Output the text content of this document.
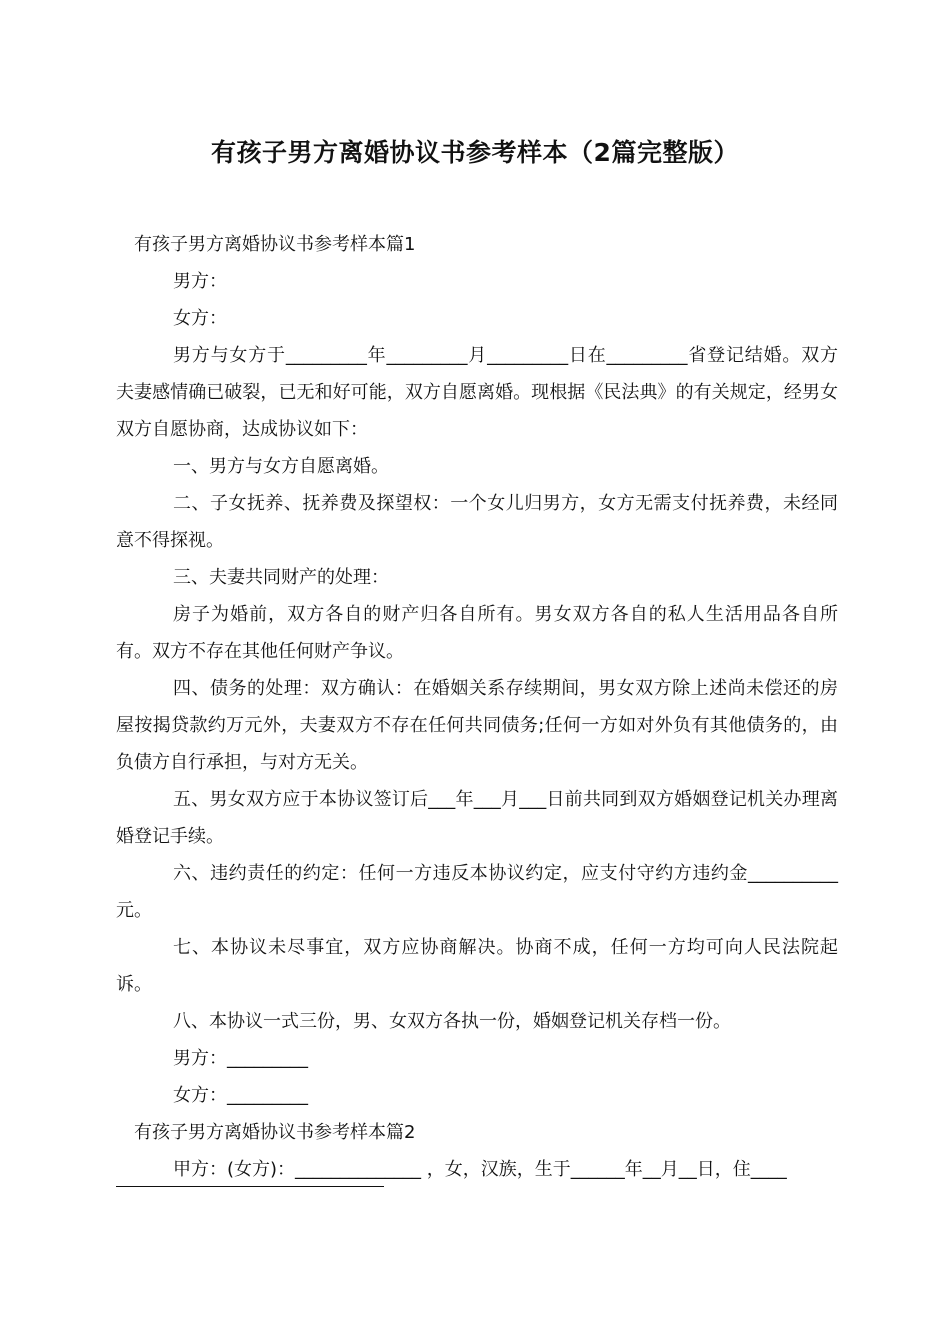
有孩子男方离婚协议书参考样本（2篇完整版）

有孩子男方离婚协议书参考样本篇1

男方：

女方：

男方与女方于_________年_________月_________日在_________省登记结婚。双方夫妻感情确已破裂，已无和好可能，双方自愿离婚。现根据《民法典》的有关规定，经男女双方自愿协商，达成协议如下：

一、男方与女方自愿离婚。

二、子女抚养、抚养费及探望权：一个女儿归男方，女方无需支付抚养费，未经同意不得探视。

三、夫妻共同财产的处理：

房子为婚前，双方各自的财产归各自所有。男女双方各自的私人生活用品各自所有。双方不存在其他任何财产争议。

四、债务的处理：双方确认：在婚姻关系存续期间，男女双方除上述尚未偿还的房屋按揭贷款约万元外，夫妻双方不存在任何共同债务;任何一方如对外负有其他债务的，由负债方自行承担，与对方无关。

五、男女双方应于本协议签订后___年___月___日前共同到双方婚姻登记机关办理离婚登记手续。

六、违约责任的约定：任何一方违反本协议约定，应支付守约方违约金__________元。

七、本协议未尽事宜，双方应协商解决。协商不成，任何一方均可向人民法院起诉。

八、本协议一式三份，男、女双方各执一份，婚姻登记机关存档一份。

男方：_________

女方：_________

有孩子男方离婚协议书参考样本篇2

甲方：(女方)：______________ ，女，汉族，生于______年__月__日，住____
